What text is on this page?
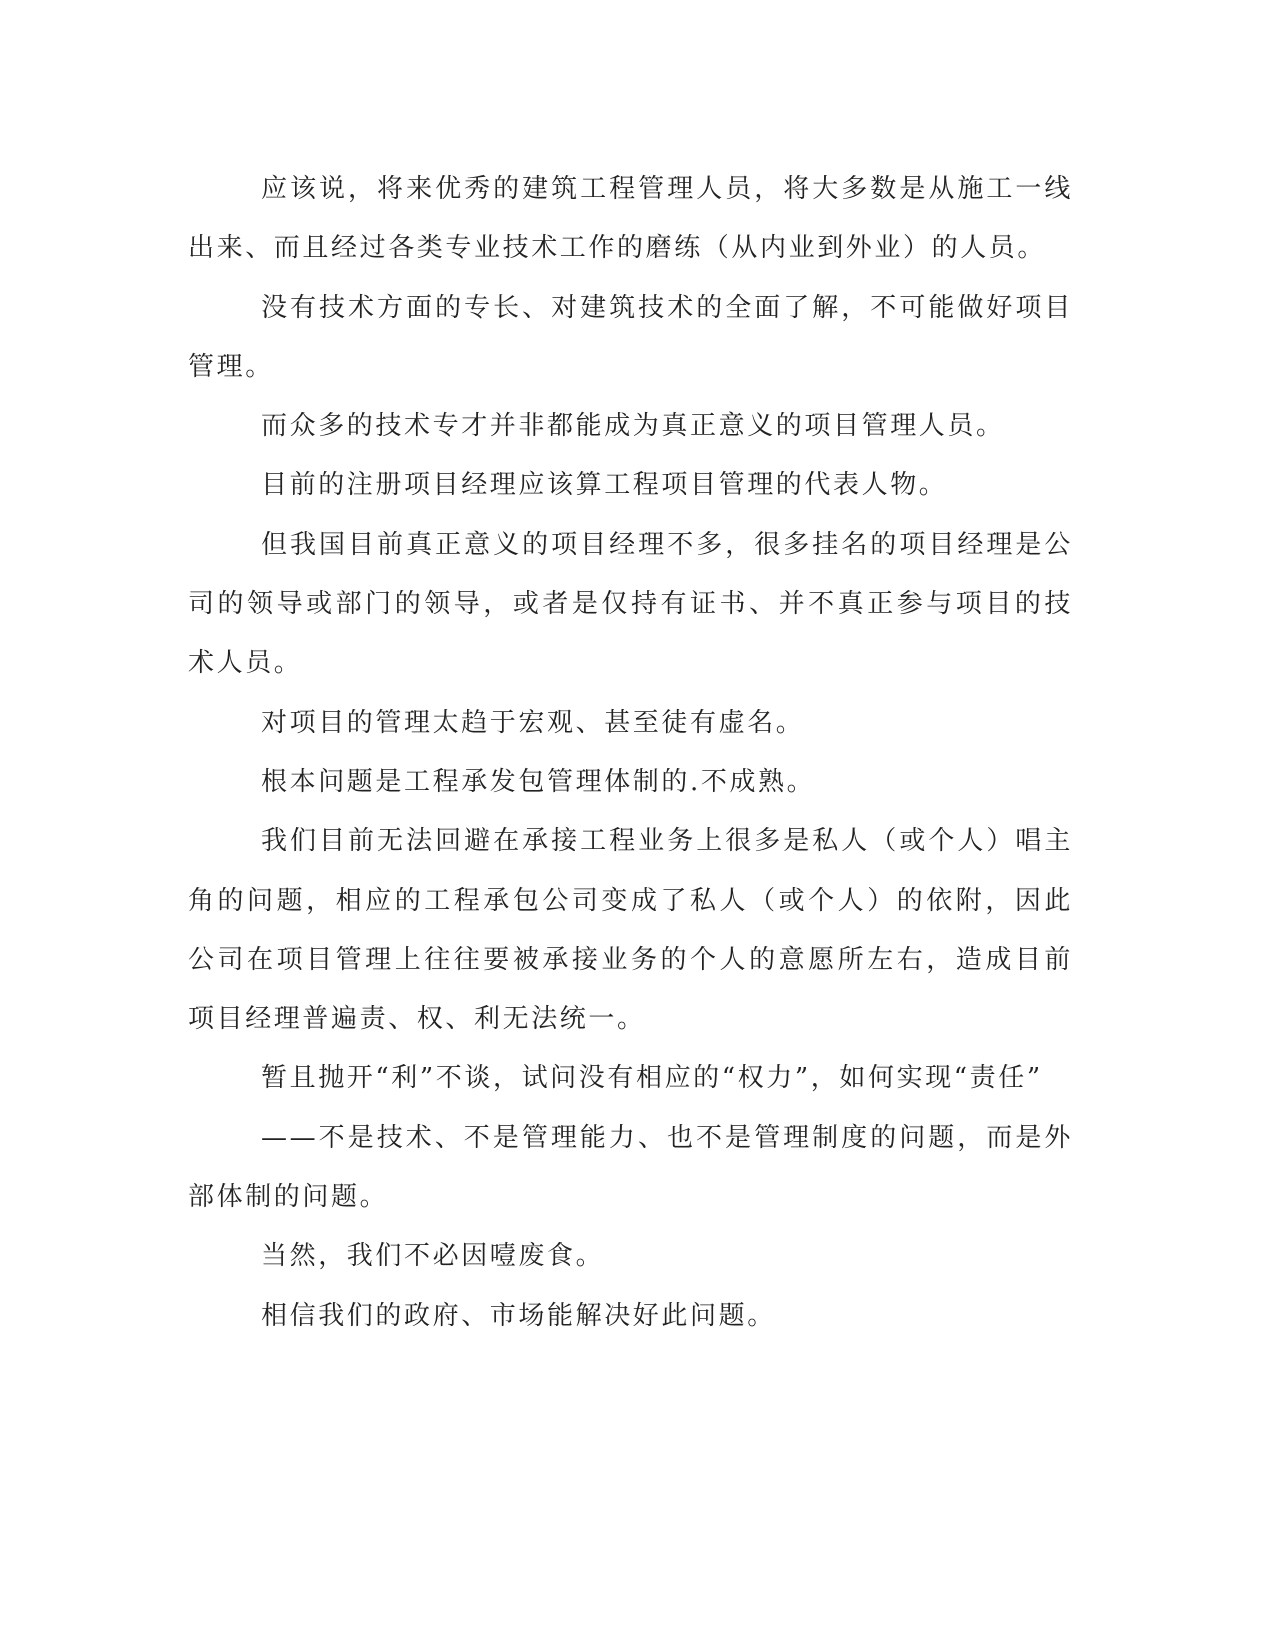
应该说，将来优秀的建筑工程管理人员，将大多数是从施工一线出来、而且经过各类专业技术工作的磨练（从内业到外业）的人员。

没有技术方面的专长、对建筑技术的全面了解，不可能做好项目管理。

而众多的技术专才并非都能成为真正意义的项目管理人员。

目前的注册项目经理应该算工程项目管理的代表人物。

但我国目前真正意义的项目经理不多，很多挂名的项目经理是公司的领导或部门的领导，或者是仅持有证书、并不真正参与项目的技术人员。

对项目的管理太趋于宏观、甚至徒有虚名。

根本问题是工程承发包管理体制的.不成熟。

我们目前无法回避在承接工程业务上很多是私人（或个人）唱主角的问题，相应的工程承包公司变成了私人（或个人）的依附，因此公司在项目管理上往往要被承接业务的个人的意愿所左右，造成目前项目经理普遍责、权、利无法统一。

暂且抛开“利”不谈，试问没有相应的“权力”，如何实现“责任”

——不是技术、不是管理能力、也不是管理制度的问题，而是外部体制的问题。

当然，我们不必因噎废食。

相信我们的政府、市场能解决好此问题。
